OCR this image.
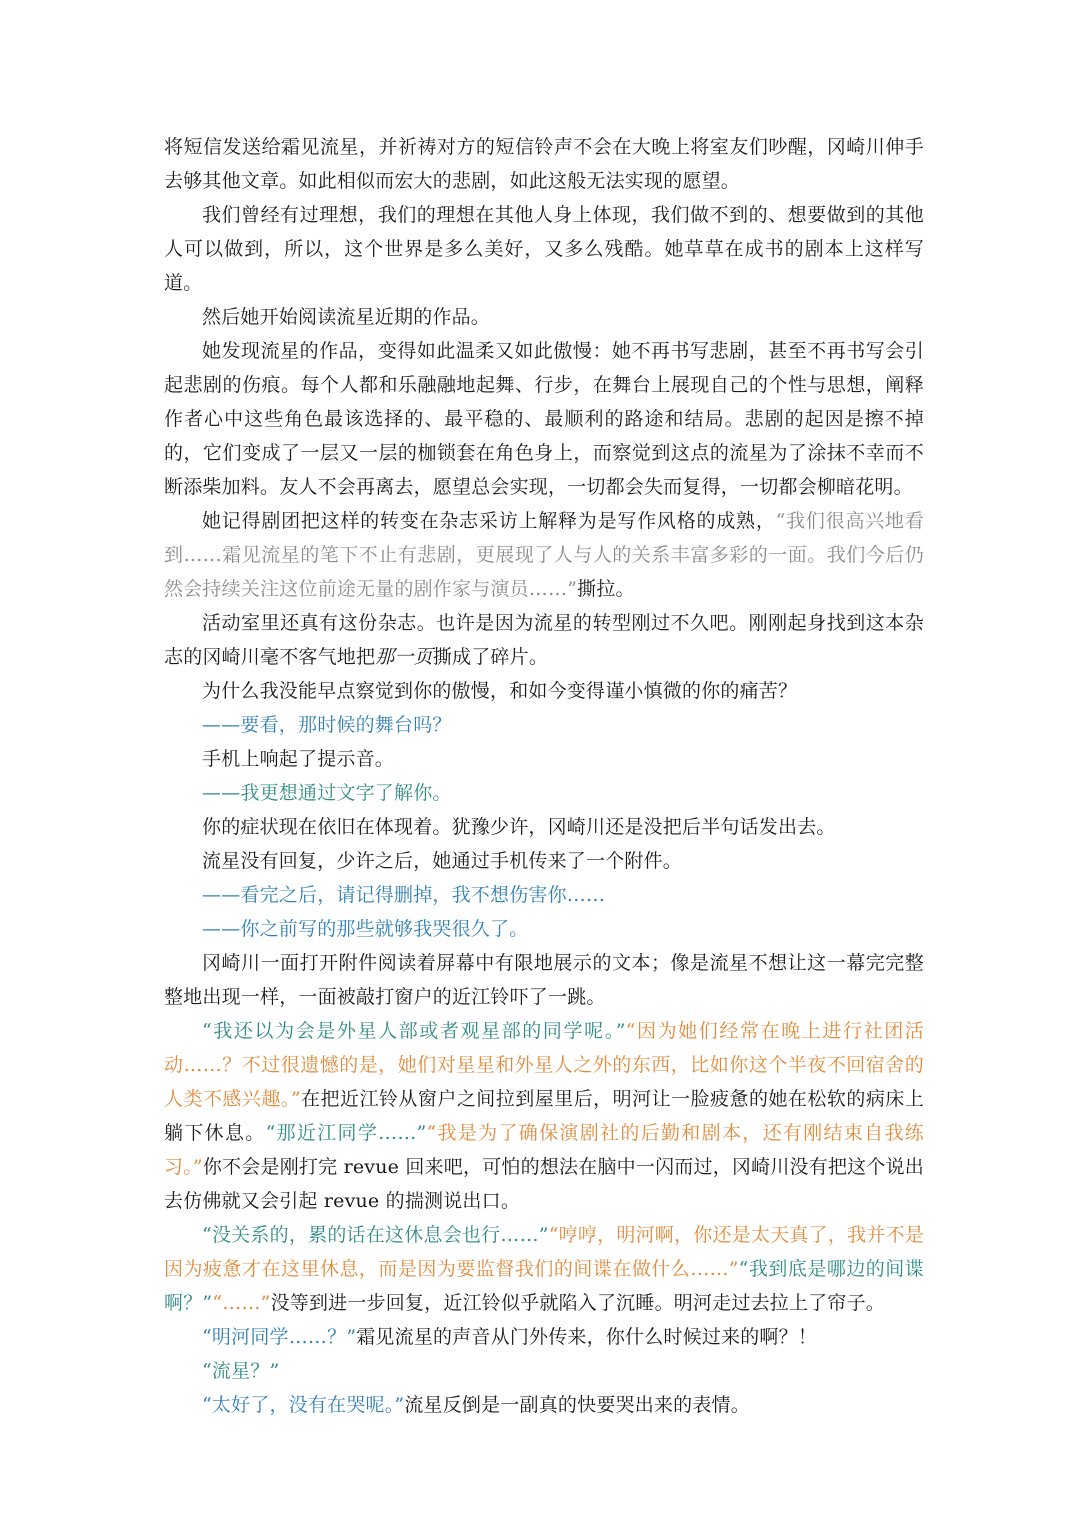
将短信发送给霜见流星，并祈祷对方的短信铃声不会在大晚上将室友们吵醒，冈崎川伸手去够其他文章。如此相似而宏大的悲剧，如此这般无法实现的愿望。

我们曾经有过理想，我们的理想在其他人身上体现，我们做不到的、想要做到的其他人可以做到，所以，这个世界是多么美好，又多么残酷。她草草在成书的剧本上这样写道。

然后她开始阅读流星近期的作品。

她发现流星的作品，变得如此温柔又如此傲慢：她不再书写悲剧，甚至不再书写会引起悲剧的伤痕。每个人都和乐融融地起舞、行步，在舞台上展现自己的个性与思想，阐释作者心中这些角色最该选择的、最平稳的、最顺利的路途和结局。悲剧的起因是擦不掉的，它们变成了一层又一层的枷锁套在角色身上，而察觉到这点的流星为了涂抹不幸而不断添柴加料。友人不会再离去，愿望总会实现，一切都会失而复得，一切都会柳暗花明。

她记得剧团把这样的转变在杂志采访上解释为是写作风格的成熟，“我们很高兴地看到……霜见流星的笔下不止有悲剧，更展现了人与人的关系丰富多彩的一面。我们今后仍然会持续关注这位前途无量的剧作家与演员……”撕拉。

活动室里还真有这份杂志。也许是因为流星的转型刚过不久吧。刚刚起身找到这本杂志的冈崎川毫不客气地把那一页撕成了碎片。

为什么我没能早点察觉到你的傲慢，和如今变得谨小慎微的你的痛苦？

——要看，那时候的舞台吗？

手机上响起了提示音。

——我更想通过文字了解你。

你的症状现在依旧在体现着。犹豫少许，冈崎川还是没把后半句话发出去。

流星没有回复，少许之后，她通过手机传来了一个附件。

——看完之后，请记得删掉，我不想伤害你……

——你之前写的那些就够我哭很久了。

冈崎川一面打开附件阅读着屏幕中有限地展示的文本；像是流星不想让这一幕完完整整地出现一样，一面被敲打窗户的近江铃吓了一跳。

“我还以为会是外星人部或者观星部的同学呢。”“因为她们经常在晚上进行社团活动……？不过很遗憾的是，她们对星星和外星人之外的东西，比如你这个半夜不回宿舍的人类不感兴趣。”在把近江铃从窗户之间拉到屋里后，明河让一脸疲惫的她在松软的病床上躺下休息。“那近江同学……”“我是为了确保演剧社的后勤和剧本，还有刚结束自我练习。”你不会是刚打完 revue 回来吧，可怕的想法在脑中一闪而过，冈崎川没有把这个说出去仿佛就又会引起 revue 的揣测说出口。

“没关系的，累的话在这休息会也行……”“哼哼，明河啊，你还是太天真了，我并不是因为疲惫才在这里休息，而是因为要监督我们的间谍在做什么……”“我到底是哪边的间谍啊？”“……”没等到进一步回复，近江铃似乎就陷入了沉睡。明河走过去拉上了帘子。

“明河同学……？”霜见流星的声音从门外传来，你什么时候过来的啊？！

“流星？”

“太好了，没有在哭呢。”流星反倒是一副真的快要哭出来的表情。
